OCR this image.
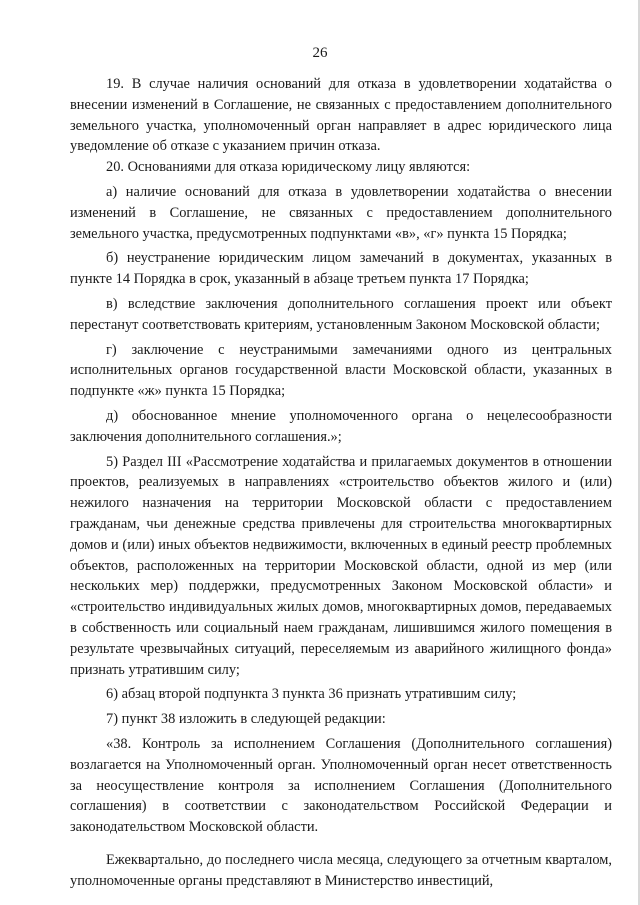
26

19. В случае наличия оснований для отказа в удовлетворении ходатайства о внесении изменений в Соглашение, не связанных с предоставлением дополнительного земельного участка, уполномоченный орган направляет в адрес юридического лица уведомление об отказе с указанием причин отказа.

20. Основаниями для отказа юридическому лицу являются:

а) наличие оснований для отказа в удовлетворении ходатайства о внесении изменений в Соглашение, не связанных с предоставлением дополнительного земельного участка, предусмотренных подпунктами «в», «г» пункта 15 Порядка;

б) неустранение юридическим лицом замечаний в документах, указанных в пункте 14 Порядка в срок, указанный в абзаце третьем пункта 17 Порядка;

в) вследствие заключения дополнительного соглашения проект или объект перестанут соответствовать критериям, установленным Законом Московской области;

г) заключение с неустранимыми замечаниями одного из центральных исполнительных органов государственной власти Московской области, указанных в подпункте «ж» пункта 15 Порядка;

д) обоснованное мнение уполномоченного органа о нецелесообразности заключения дополнительного соглашения.»;

5) Раздел III «Рассмотрение ходатайства и прилагаемых документов в отношении проектов, реализуемых в направлениях «строительство объектов жилого и (или) нежилого назначения на территории Московской области с предоставлением гражданам, чьи денежные средства привлечены для строительства многоквартирных домов и (или) иных объектов недвижимости, включенных в единый реестр проблемных объектов, расположенных на территории Московской области, одной из мер (или нескольких мер) поддержки, предусмотренных Законом Московской области» и «строительство индивидуальных жилых домов, многоквартирных домов, передаваемых в собственность или социальный наем гражданам, лишившимся жилого помещения в результате чрезвычайных ситуаций, переселяемым из аварийного жилищного фонда» признать утратившим силу;

6) абзац второй подпункта 3 пункта 36 признать утратившим силу;

7) пункт 38 изложить в следующей редакции:

«38. Контроль за исполнением Соглашения (Дополнительного соглашения) возлагается на Уполномоченный орган. Уполномоченный орган несет ответственность за неосуществление контроля за исполнением Соглашения (Дополнительного соглашения) в соответствии с законодательством Российской Федерации и законодательством Московской области.

Ежеквартально, до последнего числа месяца, следующего за отчетным кварталом, уполномоченные органы представляют в Министерство инвестиций,
